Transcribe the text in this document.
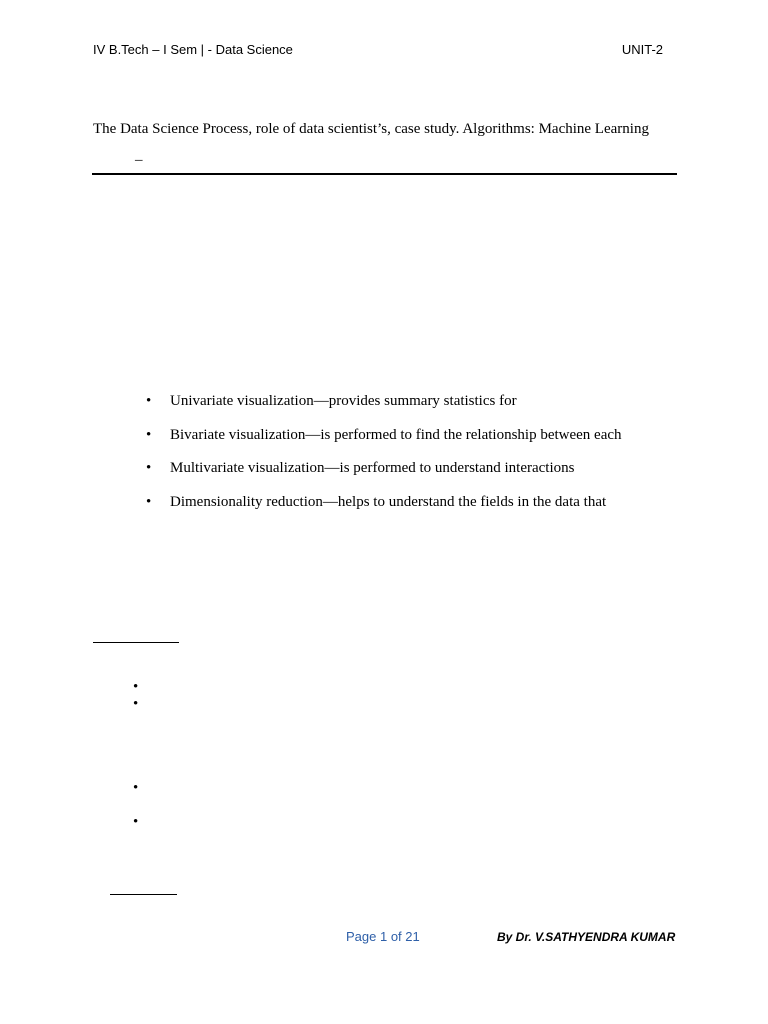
IV B.Tech – I Sem | - Data Science	UNIT-2
The Data Science Process, role of data scientist’s, case study. Algorithms: Machine Learning
–
•	Univariate visualization—provides summary statistics for
•	Bivariate visualization—is performed to find the relationship between each
•	Multivariate visualization—is performed to understand interactions
•	Dimensionality reduction—helps to understand the fields in the data that
•
•
•
•
Page 1 of 21	By Dr. V.SATHYENDRA KUMAR
